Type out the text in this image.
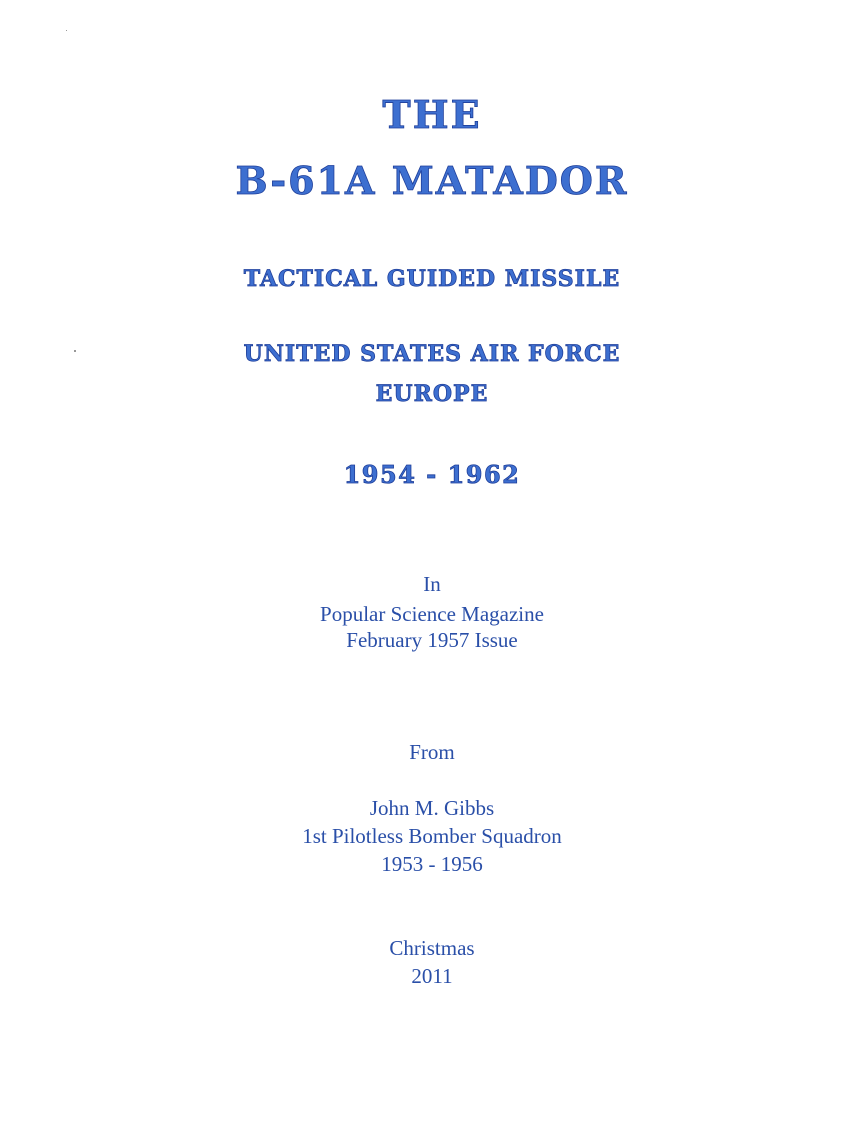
THE
B-61A MATADOR
TACTICAL GUIDED MISSILE
UNITED STATES AIR FORCE
EUROPE
1954 - 1962
In
Popular Science Magazine
February 1957 Issue
From
John M. Gibbs
1st Pilotless Bomber Squadron
1953 - 1956
Christmas
2011
